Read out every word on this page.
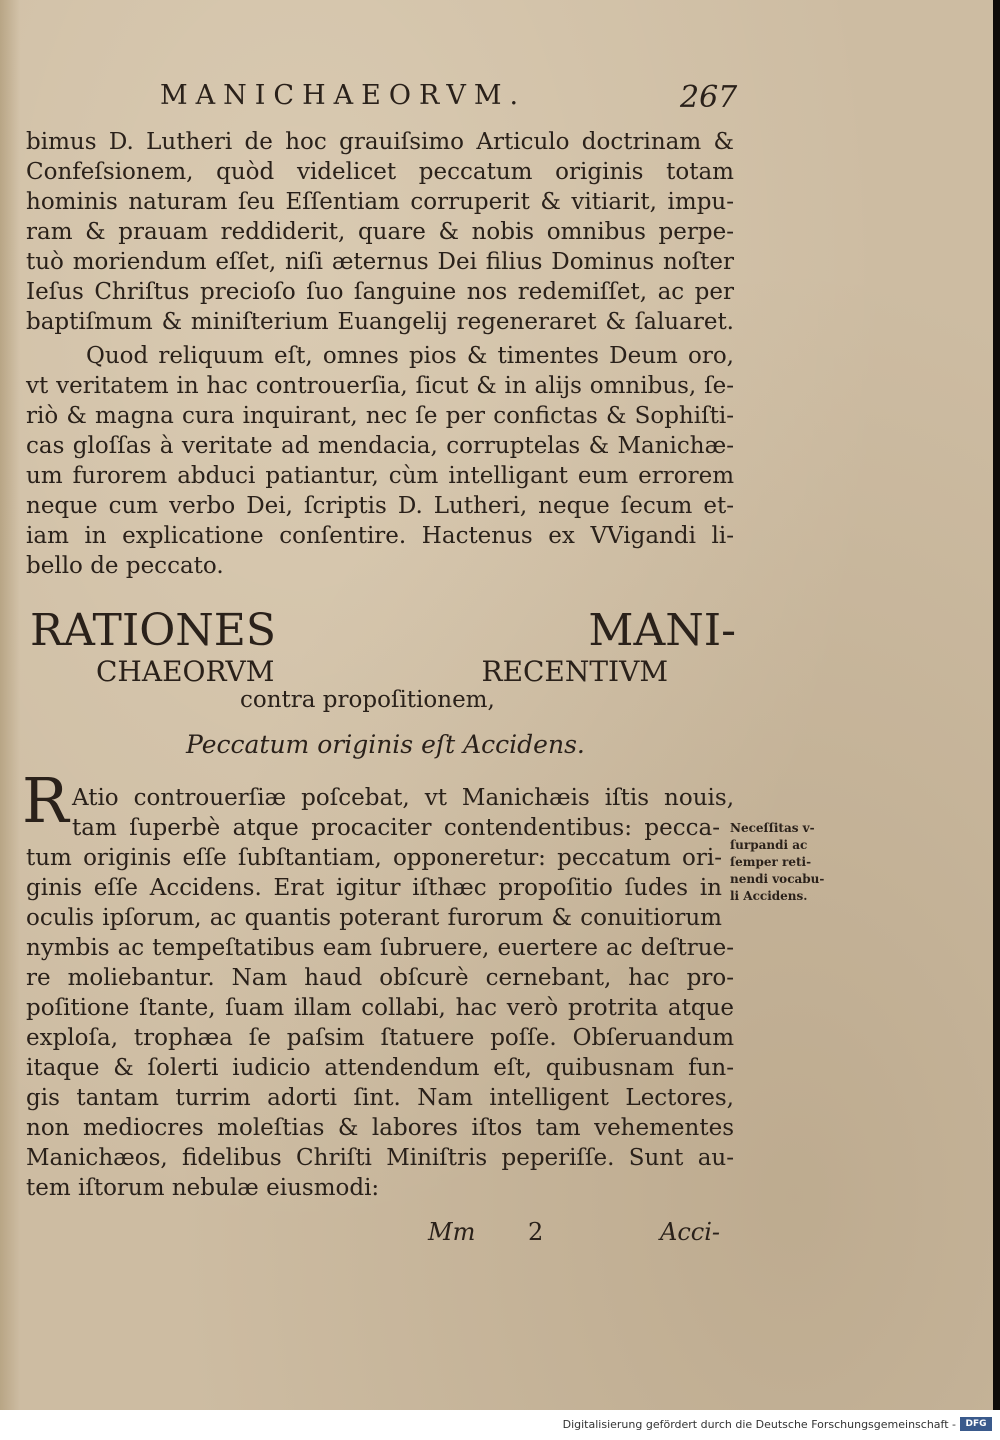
MANICHAEORVM.	267
bimus D. Lutheri de hoc grauiſsimo Articulo doctrinam &
Confeſsionem, quòd videlicet peccatum originis totam
hominis naturam ſeu Eſſentiam corruperit & vitiarit, impu-
ram & prauam reddiderit, quare & nobis omnibus perpe-
tuò moriendum eſſet, niſi æternus Dei filius Dominus noſter
Ieſus Chriſtus precioſo ſuo ſanguine nos redemiſſet, ac per
baptiſmum & miniſterium Euangelij regeneraret & ſaluaret.
Quod reliquum eſt, omnes pios & timentes Deum oro,
vt veritatem in hac controuerſia, ſicut & in alijs omnibus, ſe-
riò & magna cura inquirant, nec ſe per confictas & Sophiſti-
cas gloſſas à veritate ad mendacia, corruptelas & Manichæ-
um furorem abduci patiantur, cùm intelligant eum errorem
neque cum verbo Dei, ſcriptis D. Lutheri, neque ſecum et-
iam in explicatione conſentire. Hactenus ex VVigandi li-
bello de peccato.
RATIONES MANI-
CHAEORVM RECENTIVM
contra propoſitionem,
Peccatum originis eſt Accidens.
R Atio controuerſiæ poſcebat, vt Manichæis iſtis nouis,
tam ſuperbè atque procaciter contendentibus: pecca-
tum originis eſſe ſubſtantiam, opponeretur: peccatum ori-
ginis eſſe Accidens. Erat igitur iſthæc propoſitio ſudes in
oculis ipſorum, ac quantis poterant furorum & conuitiorum
nymbis ac tempeſtatibus eam ſubruere, euertere ac deſtrue-
re moliebantur. Nam haud obſcurè cernebant, hac pro-
poſitione ſtante, ſuam illam collabi, hac verò protrita atque
exploſa, trophæa ſe paſsim ſtatuere poſſe. Obſeruandum
itaque & ſolerti iudicio attendendum eſt, quibusnam fun-
gis tantam turrim adorti ſint. Nam intelligent Lectores,
non mediocres moleſtias & labores iſtos tam vehementes
Manichæos, fidelibus Chriſti Miniſtris peperiſſe. Sunt au-
tem iſtorum nebulæ eiusmodi:
Neceſſitas v-
ſurpandi ac
ſemper reti-
nendi vocabu-
li Accidens.
Mm 2	Acci-
Digitalisierung gefördert durch die Deutsche Forschungsgemeinschaft -	DFG
